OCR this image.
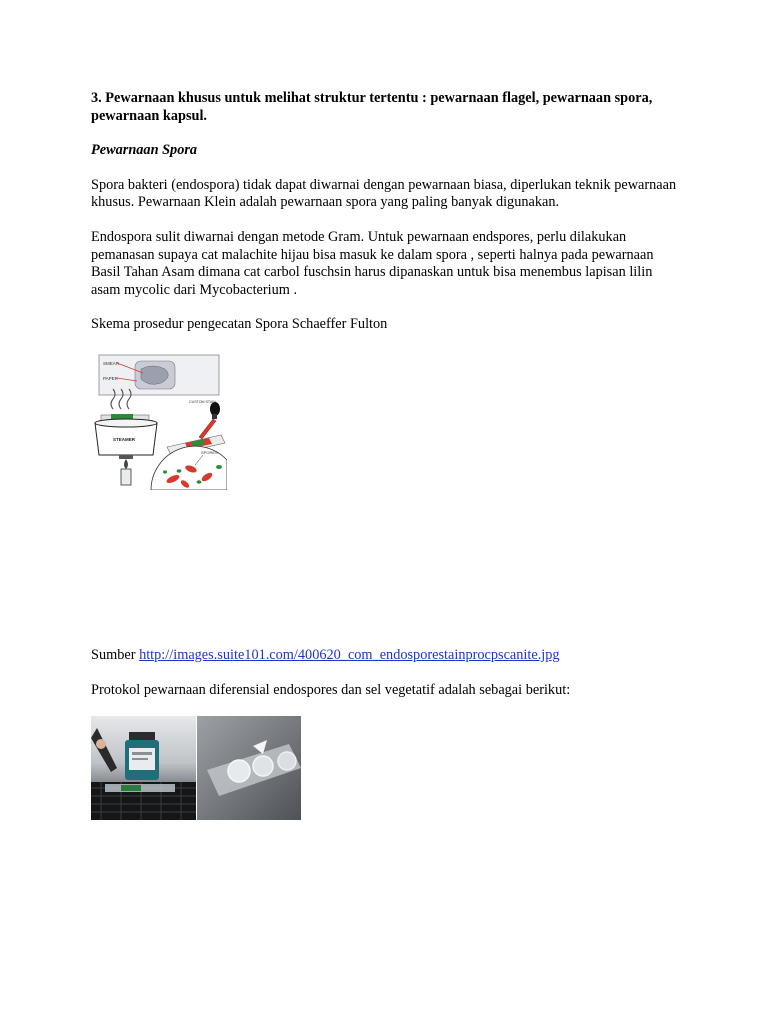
3. Pewarnaan khusus untuk melihat struktur tertentu : pewarnaan flagel, pewarnaan spora, pewarnaan kapsul.

Pewarnaan Spora

Spora bakteri (endospora) tidak dapat diwarnai dengan pewarnaan biasa, diperlukan teknik pewarnaan khusus. Pewarnaan Klein adalah pewarnaan spora yang paling banyak digunakan.

Endospora sulit diwarnai dengan metode Gram. Untuk pewarnaan endspores, perlu dilakukan pemanasan supaya cat malachite hijau bisa masuk ke dalam spora , seperti halnya pada pewarnaan Basil Tahan Asam dimana cat carbol fuschsin harus dipanaskan untuk bisa menembus lapisan lilin asam mycolic dari Mycobacterium .

Skema prosedur pengecatan Spora Schaeffer Fulton

SMEAR
PAPER
STEAMER
CUSTOM STAIN
SPORES
Sumber http://images.suite101.com/400620_com_endosporestainprocpscanite.jpg
Protokol pewarnaan diferensial endospores dan sel vegetatif adalah sebagai berikut:
